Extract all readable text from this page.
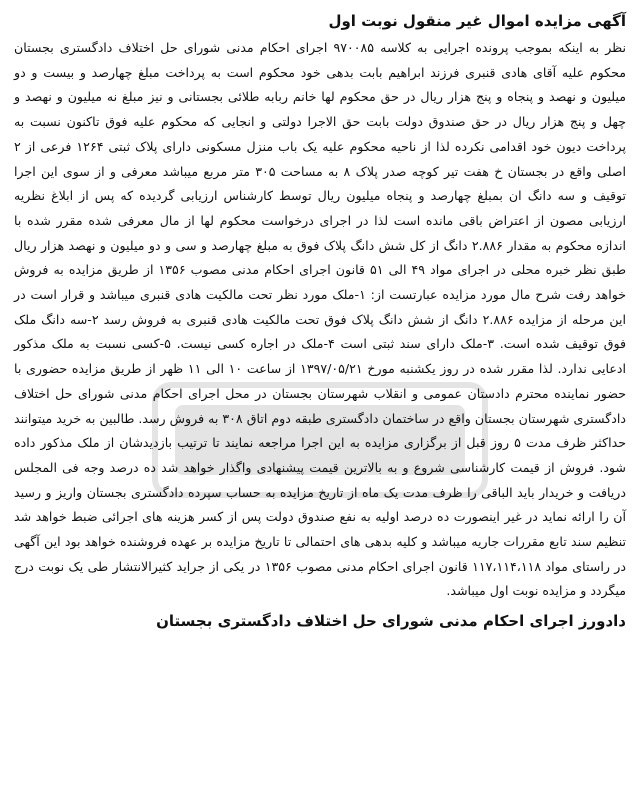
آگهی مزایده اموال غیر منقول نوبت اول

نظر به اینکه بموجب پرونده اجرایی به کلاسه ۹۷۰۰۸۵ اجرای احکام مدنی شورای حل اختلاف دادگستری بجستان محکوم علیه آقای هادی قنبری فرزند ابراهیم بابت بدهی خود محکوم است به پرداخت مبلغ چهارصد و بیست و دو میلیون و نهصد و پنجاه و پنج هزار ریال در حق محکوم لها خانم ربابه طلائی بجستانی و نیز مبلغ نه میلیون و نهصد و چهل و پنج هزار ریال در حق صندوق دولت بابت حق الاجرا دولتی و انجایی که محکوم علیه فوق تاکنون نسبت به پرداخت دیون خود اقدامی نکرده لذا از ناحیه محکوم علیه یک باب منزل مسکونی دارای پلاک ثبتی ۱۲۶۴ فرعی از ۲ اصلی واقع در بجستان خ هفت تیر کوچه صدر پلاک ۸ به مساحت ۳۰۵ متر مربع میباشد معرفی و از سوی این اجرا توقیف و سه دانگ ان بمبلغ چهارصد و پنجاه میلیون ریال توسط کارشناس ارزیابی گردیده که پس از ابلاغ نظریه ارزیابی مصون از اعتراض باقی مانده است لذا در اجرای درخواست محکوم لها از مال معرفی شده مقرر شده با اندازه محکوم به مقدار ۲.۸۸۶ دانگ از کل شش دانگ پلاک فوق به مبلغ چهارصد و سی و دو میلیون و نهصد هزار ریال طبق نظر خبره محلی در اجرای مواد ۴۹ الی ۵۱ قانون اجرای احکام مدنی مصوب ۱۳۵۶ از طریق مزایده به فروش خواهد رفت شرح مال مورد مزایده عبارتست از: ۱-ملک مورد نظر تحت مالکیت هادی قنبری میباشد و قرار است در این مرحله از مزایده ۲.۸۸۶ دانگ از شش دانگ پلاک فوق تحت مالکیت هادی قنبری به فروش رسد ۲-سه دانگ ملک فوق توقیف شده است. ۳-ملک دارای سند ثبتی است ۴-ملک در اجاره کسی نیست. ۵-کسی نسبت به ملک مذکور ادعایی ندارد. لذا مقرر شده در روز یکشنبه مورخ ۱۳۹۷/۰۵/۲۱ از ساعت ۱۰ الی ۱۱ ظهر از طریق مزایده حضوری با حضور نماینده محترم دادستان عمومی و انقلاب شهرستان بجستان در محل اجرای احکام مدنی شورای حل اختلاف دادگستری شهرستان بجستان واقع در ساختمان دادگستری طبقه دوم اتاق ۳۰۸ به فروش رسد. طالبین به خرید میتوانند حداکثر ظرف مدت ۵ روز قبل از برگزاری مزایده به این اجرا مراجعه نمایند تا ترتیب بازدیدشان از ملک مذکور داده شود. فروش از قیمت کارشناسی شروع و به بالاترین قیمت پیشنهادی واگذار خواهد شد ده درصد وجه فی المجلس دریافت و خریدار باید الباقی را ظرف مدت یک ماه از تاریخ مزایده به حساب سپرده دادگستری بجستان واریز و رسید آن را ارائه نماید در غیر اینصورت ده درصد اولیه به نفع صندوق دولت پس از کسر هزینه های اجرائی ضبط خواهد شد تنظیم سند تابع مقررات جاریه میباشد و کلیه بدهی های احتمالی تا تاریخ مزایده بر عهده فروشنده خواهد بود این آگهی در راستای مواد ۱۱۷،۱۱۴،۱۱۸ قانون اجرای احکام مدنی مصوب ۱۳۵۶ در یکی از جراید کثیرالانتشار طی یک نوبت درج میگردد و مزایده نوبت اول میباشد.

دادورز اجرای احکام مدنی شورای حل اختلاف دادگستری بجستان
